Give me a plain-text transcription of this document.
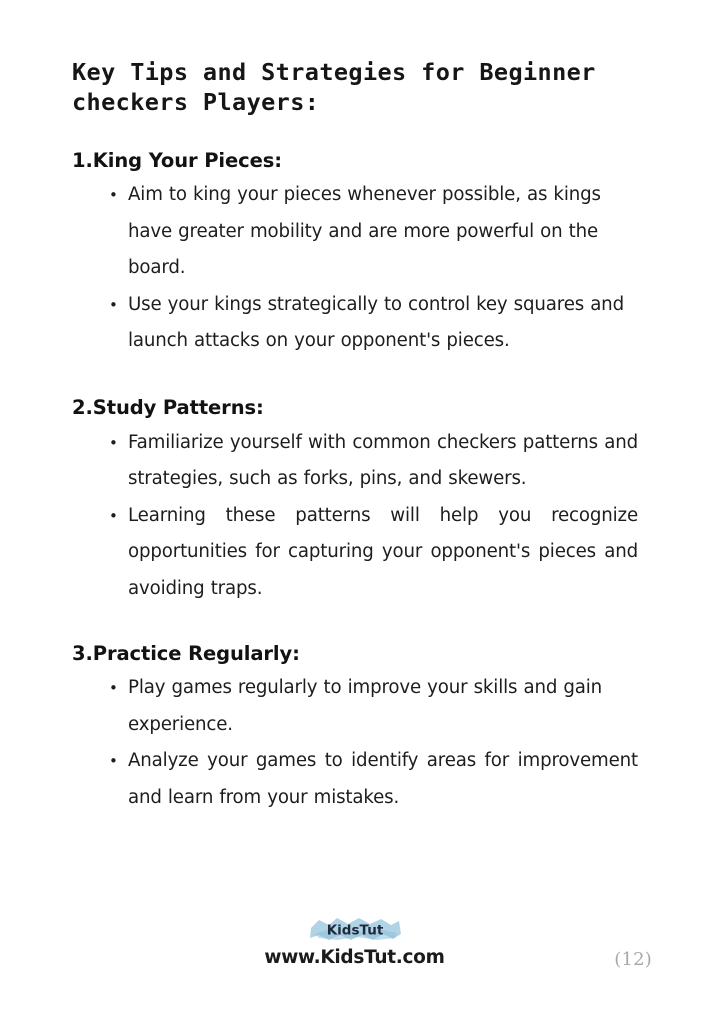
Key Tips and Strategies for Beginner
checkers Players:
1.King Your Pieces:
• Aim to king your pieces whenever possible, as kings have greater mobility and are more powerful on the board.
• Use your kings strategically to control key squares and launch attacks on your opponent's pieces.
2.Study Patterns:
• Familiarize yourself with common checkers patterns and strategies, such as forks, pins, and skewers.
• Learning these patterns will help you recognize opportunities for capturing your opponent's pieces and avoiding traps.
3.Practice Regularly:
• Play games regularly to improve your skills and gain experience.
• Analyze your games to identify areas for improvement and learn from your mistakes.
KidsTut
www.KidsTut.com	(12)
